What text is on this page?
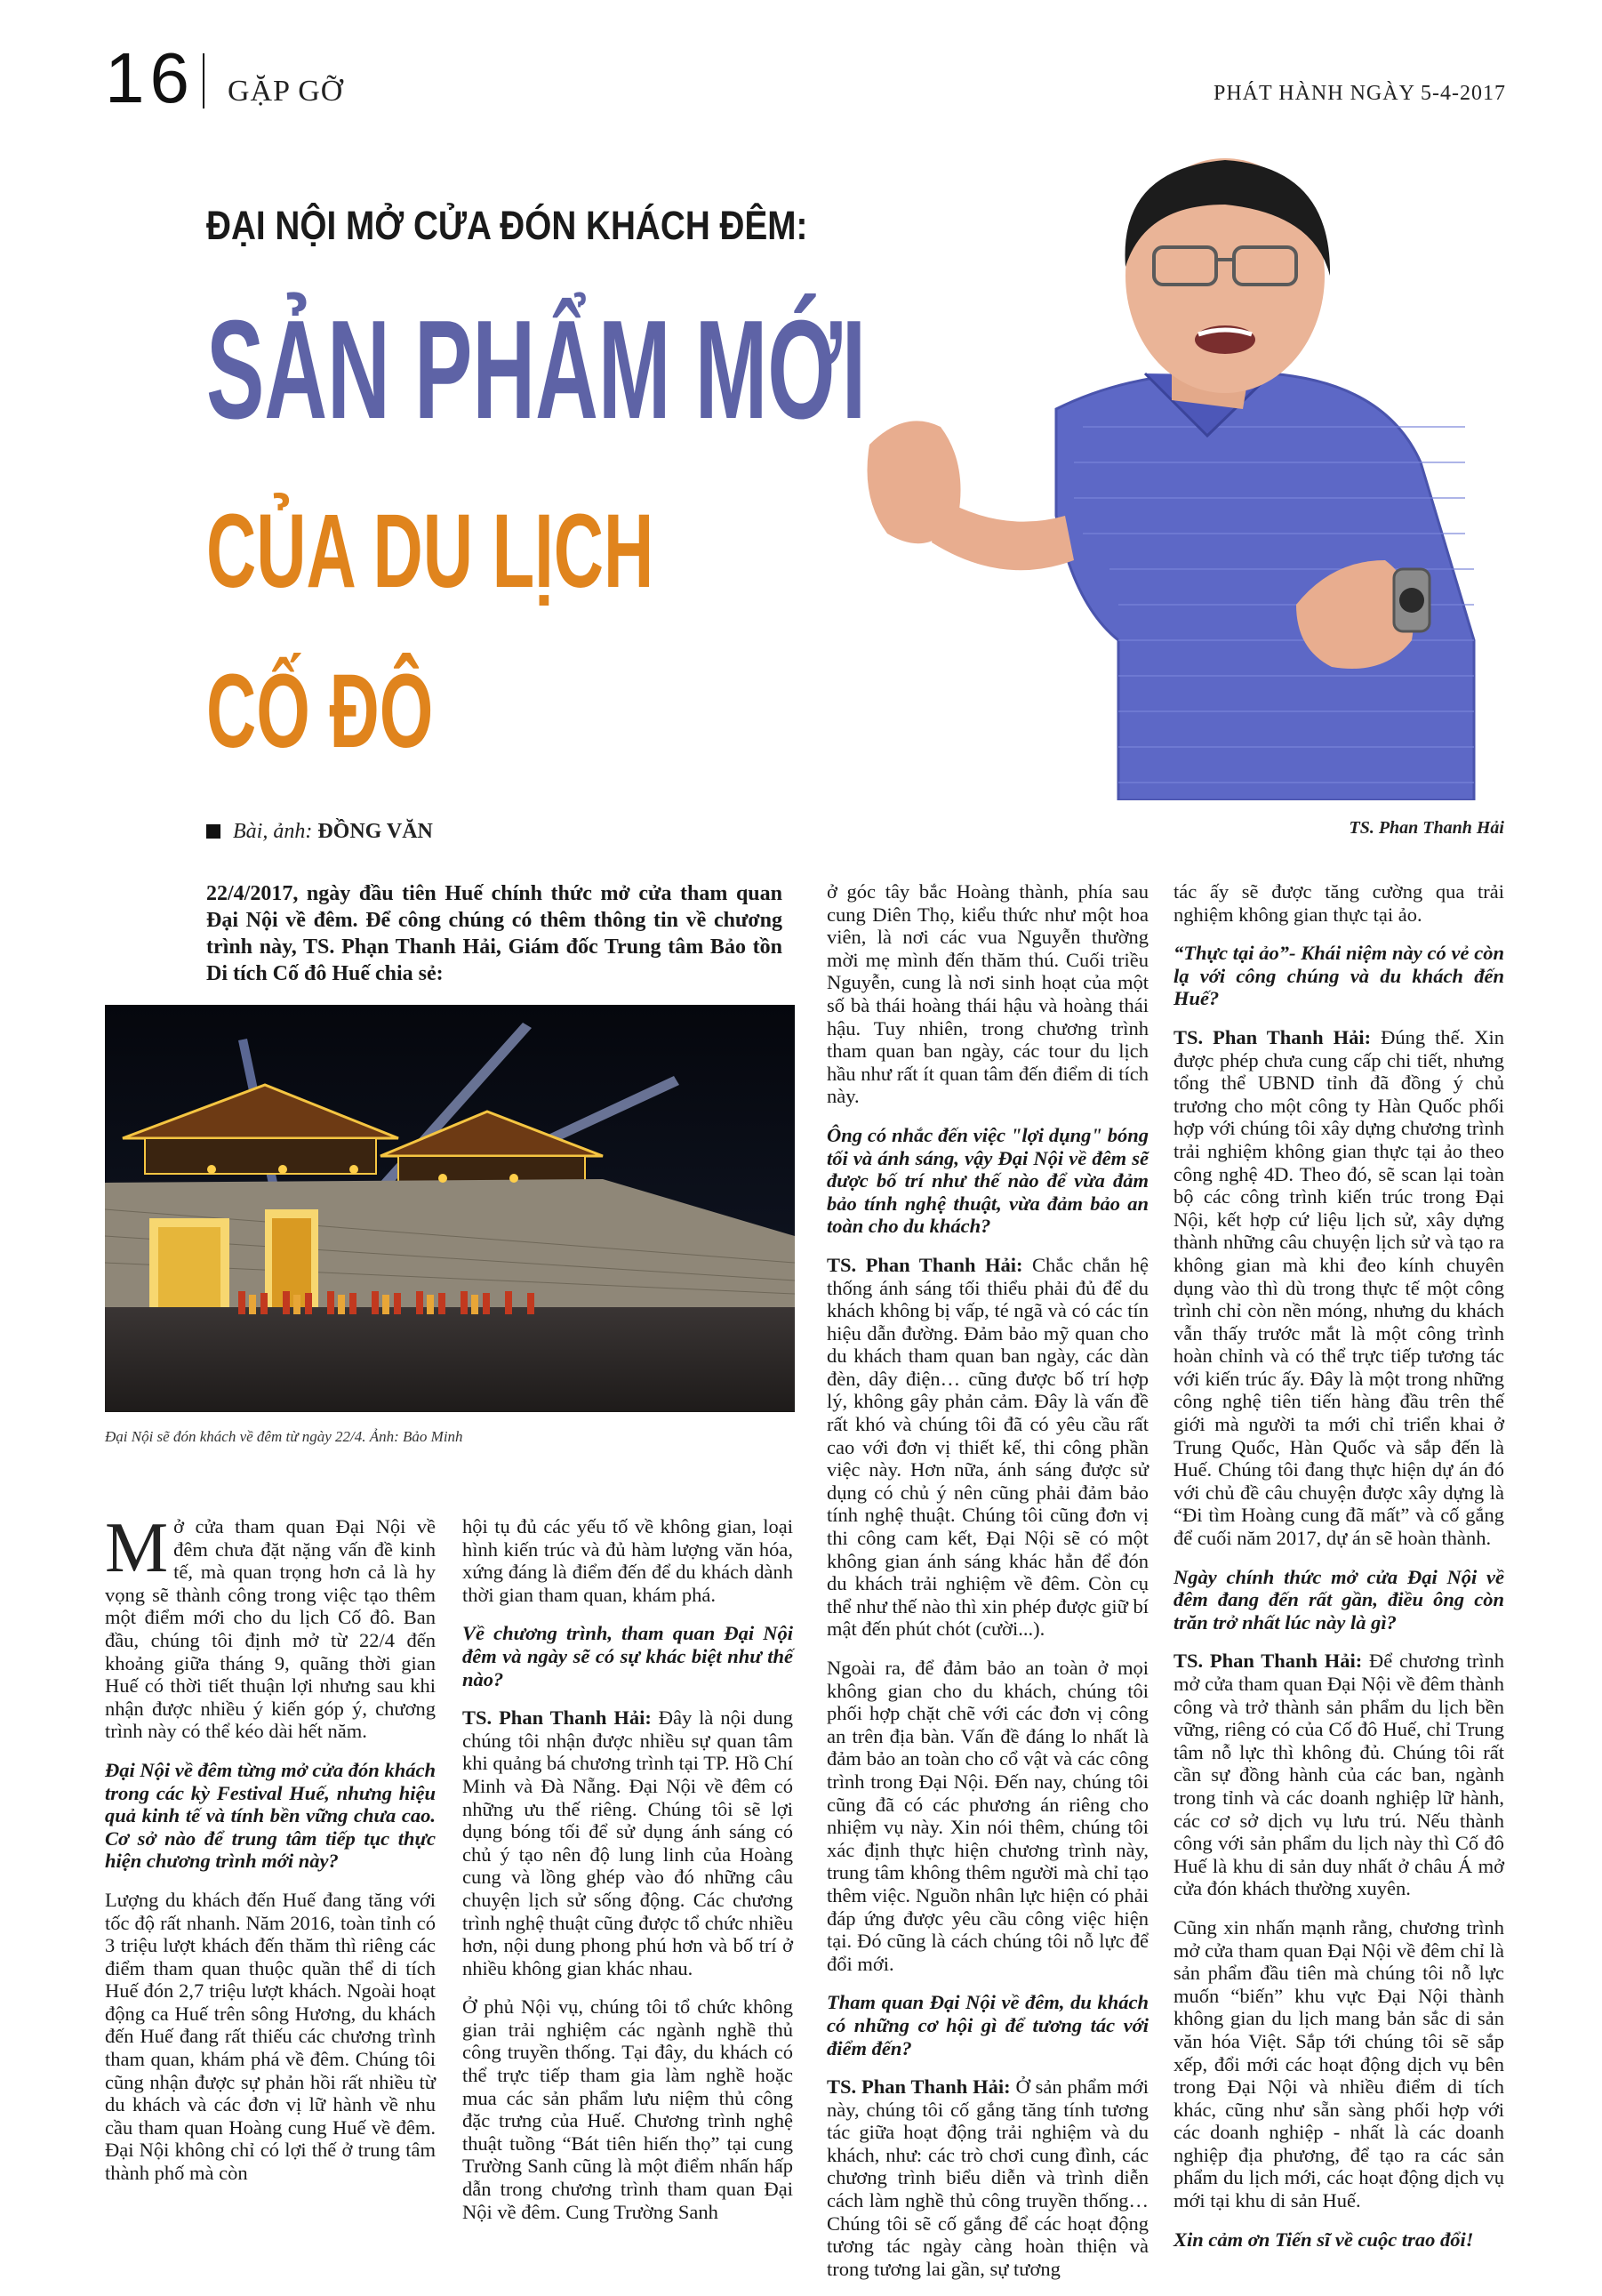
16 GẶP GỠ	PHÁT HÀNH NGÀY 5-4-2017
ĐẠI NỘI MỞ CỬA ĐÓN KHÁCH ĐÊM:
SẢN PHẨM MỚI
CỦA DU LỊCH
CỐ ĐÔ
TS. Phan Thanh Hải
Bài, ảnh: ĐỒNG VĂN
22/4/2017, ngày đầu tiên Huế chính thức mở cửa tham quan Đại Nội về đêm. Để công chúng có thêm thông tin về chương trình này, TS. Phạn Thanh Hải, Giám đốc Trung tâm Bảo tồn Di tích Cố đô Huế chia sẻ:
Đại Nội sẽ đón khách về đêm từ ngày 22/4. Ảnh: Bảo Minh

Mở cửa tham quan Đại Nội về đêm chưa đặt nặng vấn đề kinh tế, mà quan trọng hơn cả là hy vọng sẽ thành công trong việc tạo thêm một điểm mới cho du lịch Cố đô. Ban đầu, chúng tôi định mở từ 22/4 đến khoảng giữa tháng 9, quãng thời gian Huế có thời tiết thuận lợi nhưng sau khi nhận được nhiều ý kiến góp ý, chương trình này có thể kéo dài hết năm.

Đại Nội về đêm từng mở cửa đón khách trong các kỳ Festival Huế, nhưng hiệu quả kinh tế và tính bền vững chưa cao. Cơ sở nào để trung tâm tiếp tục thực hiện chương trình mới này?

Lượng du khách đến Huế đang tăng với tốc độ rất nhanh. Năm 2016, toàn tỉnh có 3 triệu lượt khách đến thăm thì riêng các điểm tham quan thuộc quần thể di tích Huế đón 2,7 triệu lượt khách. Ngoài hoạt động ca Huế trên sông Hương, du khách đến Huế đang rất thiếu các chương trình tham quan, khám phá về đêm. Chúng tôi cũng nhận được sự phản hồi rất nhiều từ du khách và các đơn vị lữ hành về nhu cầu tham quan Hoàng cung Huế về đêm. Đại Nội không chỉ có lợi thế ở trung tâm thành phố mà còn

hội tụ đủ các yếu tố về không gian, loại hình kiến trúc và đủ hàm lượng văn hóa, xứng đáng là điểm đến để du khách dành thời gian tham quan, khám phá.

Về chương trình, tham quan Đại Nội đêm và ngày sẽ có sự khác biệt như thế nào?

TS. Phan Thanh Hải: Đây là nội dung chúng tôi nhận được nhiều sự quan tâm khi quảng bá chương trình tại TP. Hồ Chí Minh và Đà Nẵng. Đại Nội về đêm có những ưu thế riêng. Chúng tôi sẽ lợi dụng bóng tối để sử dụng ánh sáng có chủ ý tạo nên độ lung linh của Hoàng cung và lồng ghép vào đó những câu chuyện lịch sử sống động. Các chương trình nghệ thuật cũng được tổ chức nhiều hơn, nội dung phong phú hơn và bố trí ở nhiều không gian khác nhau.

Ở phủ Nội vụ, chúng tôi tổ chức không gian trải nghiệm các ngành nghề thủ công truyền thống. Tại đây, du khách có thể trực tiếp tham gia làm nghề hoặc mua các sản phẩm lưu niệm thủ công đặc trưng của Huế. Chương trình nghệ thuật tuồng “Bát tiên hiến thọ” tại cung Trường Sanh cũng là một điểm nhấn hấp dẫn trong chương trình tham quan Đại Nội về đêm. Cung Trường Sanh

ở góc tây bắc Hoàng thành, phía sau cung Diên Thọ, kiểu thức như một hoa viên, là nơi các vua Nguyễn thường mời mẹ mình đến thăm thú. Cuối triều Nguyễn, cung là nơi sinh hoạt của một số bà thái hoàng thái hậu và hoàng thái hậu. Tuy nhiên, trong chương trình tham quan ban ngày, các tour du lịch hầu như rất ít quan tâm đến điểm di tích này.

Ông có nhắc đến việc "lợi dụng" bóng tối và ánh sáng, vậy Đại Nội về đêm sẽ được bố trí như thế nào để vừa đảm bảo tính nghệ thuật, vừa đảm bảo an toàn cho du khách?

TS. Phan Thanh Hải: Chắc chắn hệ thống ánh sáng tối thiểu phải đủ để du khách không bị vấp, té ngã và có các tín hiệu dẫn đường. Đảm bảo mỹ quan cho du khách tham quan ban ngày, các dàn đèn, dây điện… cũng được bố trí hợp lý, không gây phản cảm. Đây là vấn đề rất khó và chúng tôi đã có yêu cầu rất cao với đơn vị thiết kế, thi công phần việc này. Hơn nữa, ánh sáng được sử dụng có chủ ý nên cũng phải đảm bảo tính nghệ thuật. Chúng tôi cũng đơn vị thi công cam kết, Đại Nội sẽ có một không gian ánh sáng khác hẳn để đón du khách trải nghiệm về đêm. Còn cụ thể như thế nào thì xin phép được giữ bí mật đến phút chót (cười...).

Ngoài ra, để đảm bảo an toàn ở mọi không gian cho du khách, chúng tôi phối hợp chặt chẽ với các đơn vị công an trên địa bàn. Vấn đề đáng lo nhất là đảm bảo an toàn cho cổ vật và các công trình trong Đại Nội. Đến nay, chúng tôi cũng đã có các phương án riêng cho nhiệm vụ này. Xin nói thêm, chúng tôi xác định thực hiện chương trình này, trung tâm không thêm người mà chỉ tạo thêm việc. Nguồn nhân lực hiện có phải đáp ứng được yêu cầu công việc hiện tại. Đó cũng là cách chúng tôi nỗ lực để đổi mới.

Tham quan Đại Nội về đêm, du khách có những cơ hội gì để tương tác với điểm đến?

TS. Phan Thanh Hải: Ở sản phẩm mới này, chúng tôi cố gắng tăng tính tương tác giữa hoạt động trải nghiệm và du khách, như: các trò chơi cung đình, các chương trình biểu diễn và trình diễn cách làm nghề thủ công truyền thống… Chúng tôi sẽ cố gắng để các hoạt động tương tác ngày càng hoàn thiện và trong tương lai gần, sự tương

tác ấy sẽ được tăng cường qua trải nghiệm không gian thực tại ảo.

“Thực tại ảo”- Khái niệm này có vẻ còn lạ với công chúng và du khách đến Huế?

TS. Phan Thanh Hải: Đúng thế. Xin được phép chưa cung cấp chi tiết, nhưng tổng thể UBND tỉnh đã đồng ý chủ trương cho một công ty Hàn Quốc phối hợp với chúng tôi xây dựng chương trình trải nghiệm không gian thực tại ảo theo công nghệ 4D. Theo đó, sẽ scan lại toàn bộ các công trình kiến trúc trong Đại Nội, kết hợp cứ liệu lịch sử, xây dựng thành những câu chuyện lịch sử và tạo ra không gian mà khi đeo kính chuyên dụng vào thì dù trong thực tế một công trình chỉ còn nền móng, nhưng du khách vẫn thấy trước mắt là một công trình hoàn chỉnh và có thể trực tiếp tương tác với kiến trúc ấy. Đây là một trong những công nghệ tiên tiến hàng đầu trên thế giới mà người ta mới chỉ triển khai ở Trung Quốc, Hàn Quốc và sắp đến là Huế. Chúng tôi đang thực hiện dự án đó với chủ đề câu chuyện được xây dựng là “Đi tìm Hoàng cung đã mất” và cố gắng để cuối năm 2017, dự án sẽ hoàn thành.

Ngày chính thức mở cửa Đại Nội về đêm đang đến rất gần, điều ông còn trăn trở nhất lúc này là gì?

TS. Phan Thanh Hải: Để chương trình mở cửa tham quan Đại Nội về đêm thành công và trở thành sản phẩm du lịch bền vững, riêng có của Cố đô Huế, chỉ Trung tâm nỗ lực thì không đủ. Chúng tôi rất cần sự đồng hành của các ban, ngành trong tỉnh và các doanh nghiệp lữ hành, các cơ sở dịch vụ lưu trú. Nếu thành công với sản phẩm du lịch này thì Cố đô Huế là khu di sản duy nhất ở châu Á mở cửa đón khách thường xuyên.

Cũng xin nhấn mạnh rằng, chương trình mở cửa tham quan Đại Nội về đêm chỉ là sản phẩm đầu tiên mà chúng tôi nỗ lực muốn “biến” khu vực Đại Nội thành không gian du lịch mang bản sắc di sản văn hóa Việt. Sắp tới chúng tôi sẽ sắp xếp, đổi mới các hoạt động dịch vụ bên trong Đại Nội và nhiều điểm di tích khác, cũng như sẵn sàng phối hợp với các doanh nghiệp - nhất là các doanh nghiệp địa phương, để tạo ra các sản phẩm du lịch mới, các hoạt động dịch vụ mới tại khu di sản Huế.

Xin cảm ơn Tiến sĩ về cuộc trao đổi!
